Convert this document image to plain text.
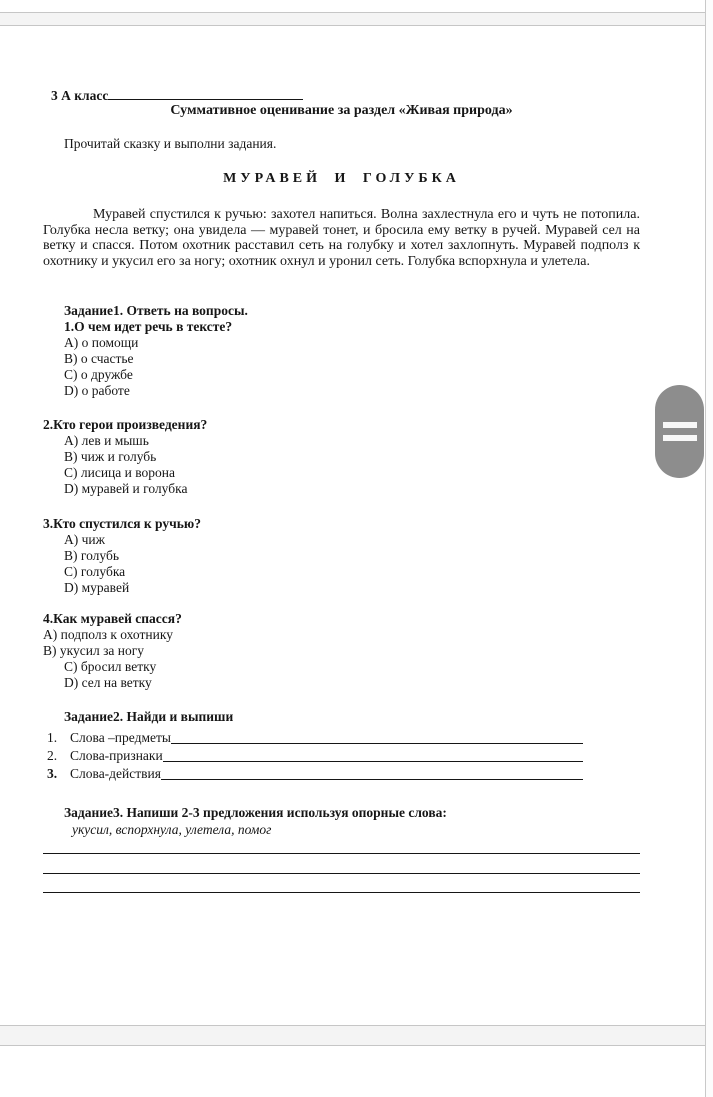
3 А класс
Суммативное оценивание за раздел «Живая природа»
Прочитай сказку и выполни задания.
МУРАВЕЙ И ГОЛУБКА
Муравей спустился к ручью: захотел напиться. Волна захлестнула его и чуть не потопила. Голубка несла ветку; она увидела — муравей тонет, и бросила ему ветку в ручей. Муравей сел на ветку и спасся. Потом охотник расставил сеть на голубку и хотел захлопнуть. Муравей подполз к охотнику и укусил его за ногу; охотник охнул и уронил сеть. Голубка вспорхнула и улетела.
Задание1. Ответь на вопросы.
1.О чем идет речь в тексте?
А) о помощи
В) о счастье
С) о дружбе
D) о работе
2.Кто герои произведения?
А) лев и мышь
В) чиж и голубь
С) лисица и ворона
D) муравей и голубка
3.Кто спустился к ручью?
А) чиж
В) голубь
С) голубка
D) муравей
4.Как муравей спасся?
А) подполз к охотнику
В) укусил за ногу
С) бросил ветку
D) сел на ветку
Задание2. Найди и выпиши
1. Слова –предметы
2. Слова-признаки
3. Слова-действия
Задание3. Напиши 2-3 предложения используя опорные слова:
укусил, вспорхнула, улетела, помог
